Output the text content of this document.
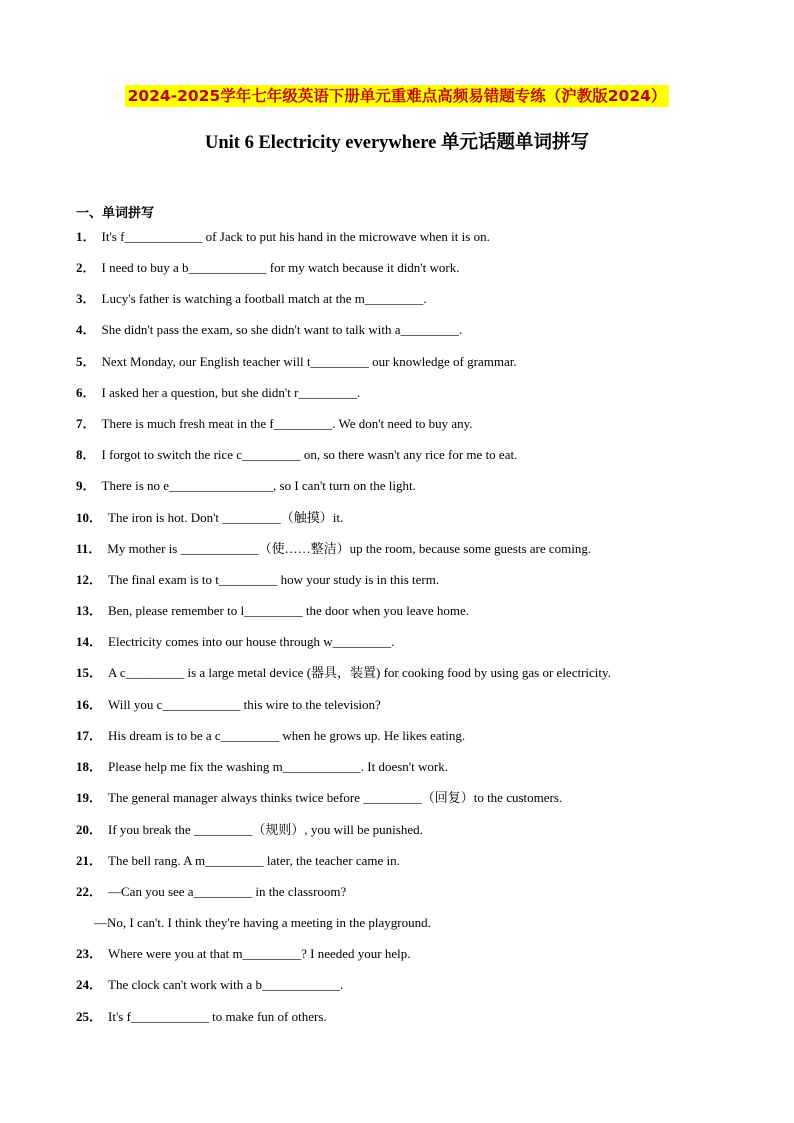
2024-2025学年七年级英语下册单元重难点高频易错题专练（沪教版2024）
Unit 6 Electricity everywhere 单元话题单词拼写
一、单词拼写
1． It's f____________ of Jack to put his hand in the microwave when it is on.
2． I need to buy a b____________ for my watch because it didn't work.
3． Lucy's father is watching a football match at the m_________.
4． She didn't pass the exam, so she didn't want to talk with a_________.
5． Next Monday, our English teacher will t_________ our knowledge of grammar.
6． I asked her a question, but she didn't r_________.
7． There is much fresh meat in the f_________. We don't need to buy any.
8． I forgot to switch the rice c_________ on, so there wasn't any rice for me to eat.
9． There is no e________________, so I can't turn on the light.
10． The iron is hot. Don't _________（触摸）it.
11． My mother is ____________（使……整洁）up the room, because some guests are coming.
12． The final exam is to t_________ how your study is in this term.
13． Ben, please remember to l_________ the door when you leave home.
14． Electricity comes into our house through w_________.
15． A c_________ is a large metal device (器具，装置) for cooking food by using gas or electricity.
16． Will you c____________ this wire to the television?
17． His dream is to be a c_________ when he grows up. He likes eating.
18． Please help me fix the washing m____________. It doesn't work.
19． The general manager always thinks twice before _________（回复）to the customers.
20． If you break the _________（规则）, you will be punished.
21． The bell rang. A m_________ later, the teacher came in.
22． —Can you see a_________ in the classroom?
—No, I can't. I think they're having a meeting in the playground.
23． Where were you at that m_________? I needed your help.
24． The clock can't work with a b____________.
25． It's f____________ to make fun of others.
